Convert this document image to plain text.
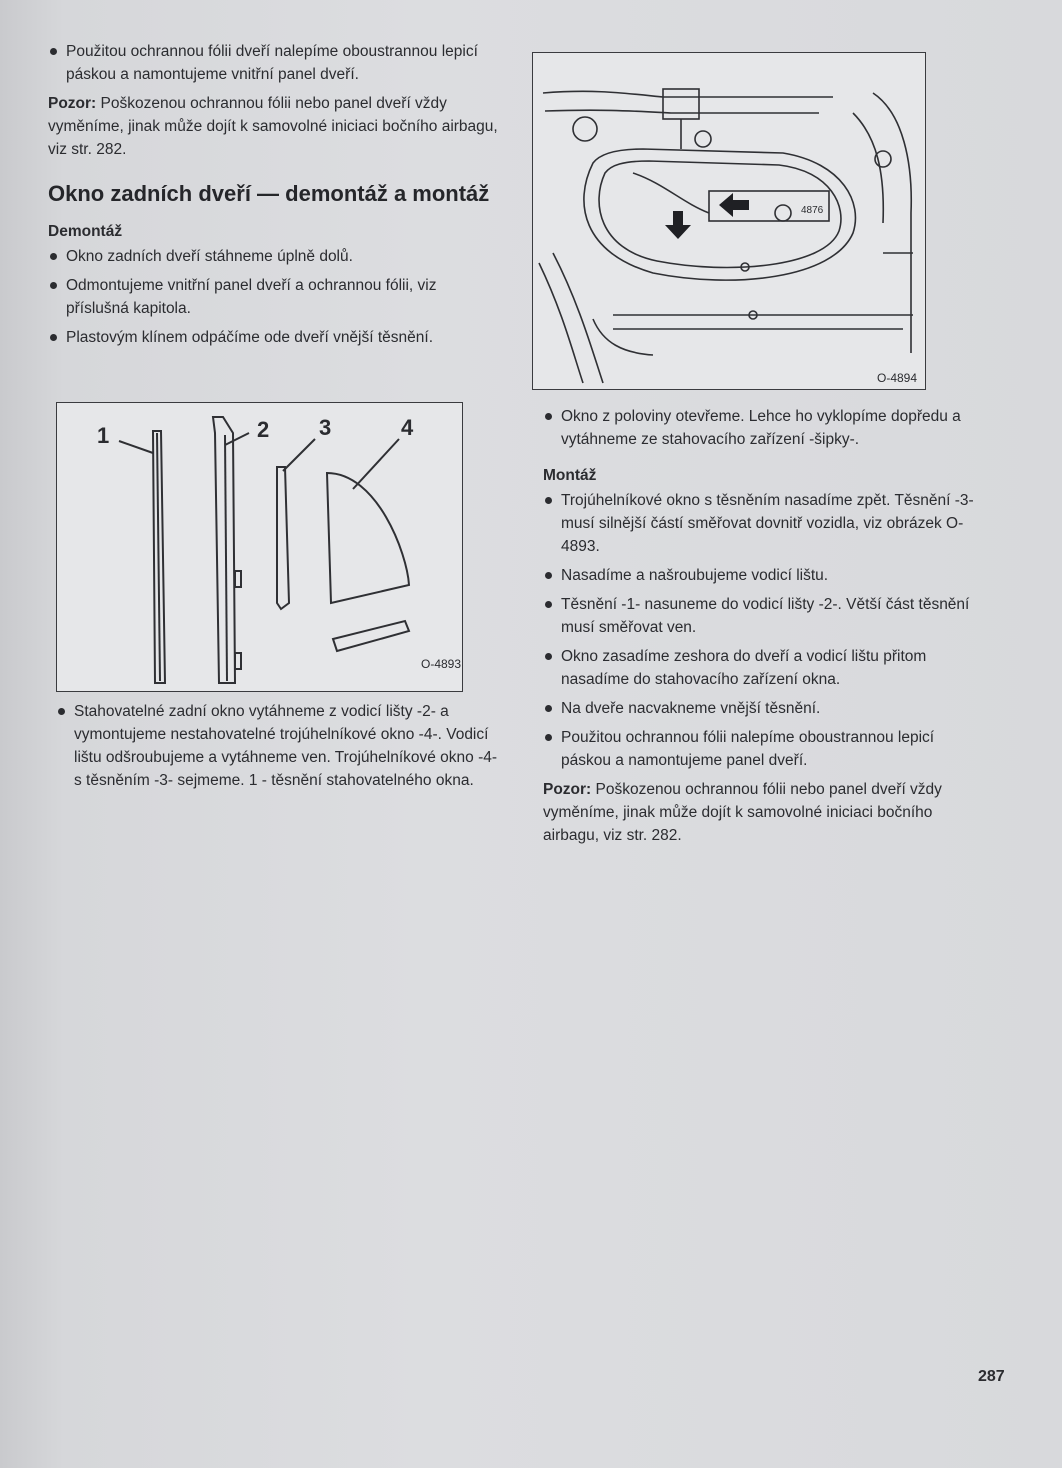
Použitou ochrannou fólii dveří nalepíme oboustrannou lepicí páskou a namontujeme vnitřní panel dveří.

Pozor: Poškozenou ochrannou fólii nebo panel dveří vždy vyměníme, jinak může dojít k samovolné iniciaci bočního airbagu, viz str. 282.

Okno zadních dveří — demontáž a montáž
Demontáž
Okno zadních dveří stáhneme úplně dolů.
Odmontujeme vnitřní panel dveří a ochrannou fólii, viz příslušná kapitola.
Plastovým klínem odpáčíme ode dveří vnější těsnění.
1	2 3	4
O-4893
Stahovatelné zadní okno vytáhneme z vodicí lišty -2- a vymontujeme nestahovatelné trojúhelníkové okno -4-. Vodicí lištu odšroubujeme a vytáhneme ven. Trojúhelníkové okno -4- s těsněním -3- sejmeme. 1 - těsnění stahovatelného okna.
4876
O-4894
Okno z poloviny otevřeme. Lehce ho vyklopíme dopředu a vytáhneme ze stahovacího zařízení -šipky-.
Montáž
Trojúhelníkové okno s těsněním nasadíme zpět. Těsnění -3- musí silnější částí směřovat dovnitř vozidla, viz obrázek O-4893.
Nasadíme a našroubujeme vodicí lištu.
Těsnění -1- nasuneme do vodicí lišty -2-. Větší část těsnění musí směřovat ven.
Okno zasadíme zeshora do dveří a vodicí lištu přitom nasadíme do stahovacího zařízení okna.
Na dveře nacvakneme vnější těsnění.
Použitou ochrannou fólii nalepíme oboustrannou lepicí páskou a namontujeme panel dveří.

Pozor: Poškozenou ochrannou fólii nebo panel dveří vždy vyměníme, jinak může dojít k samovolné iniciaci bočního airbagu, viz str. 282.

287
